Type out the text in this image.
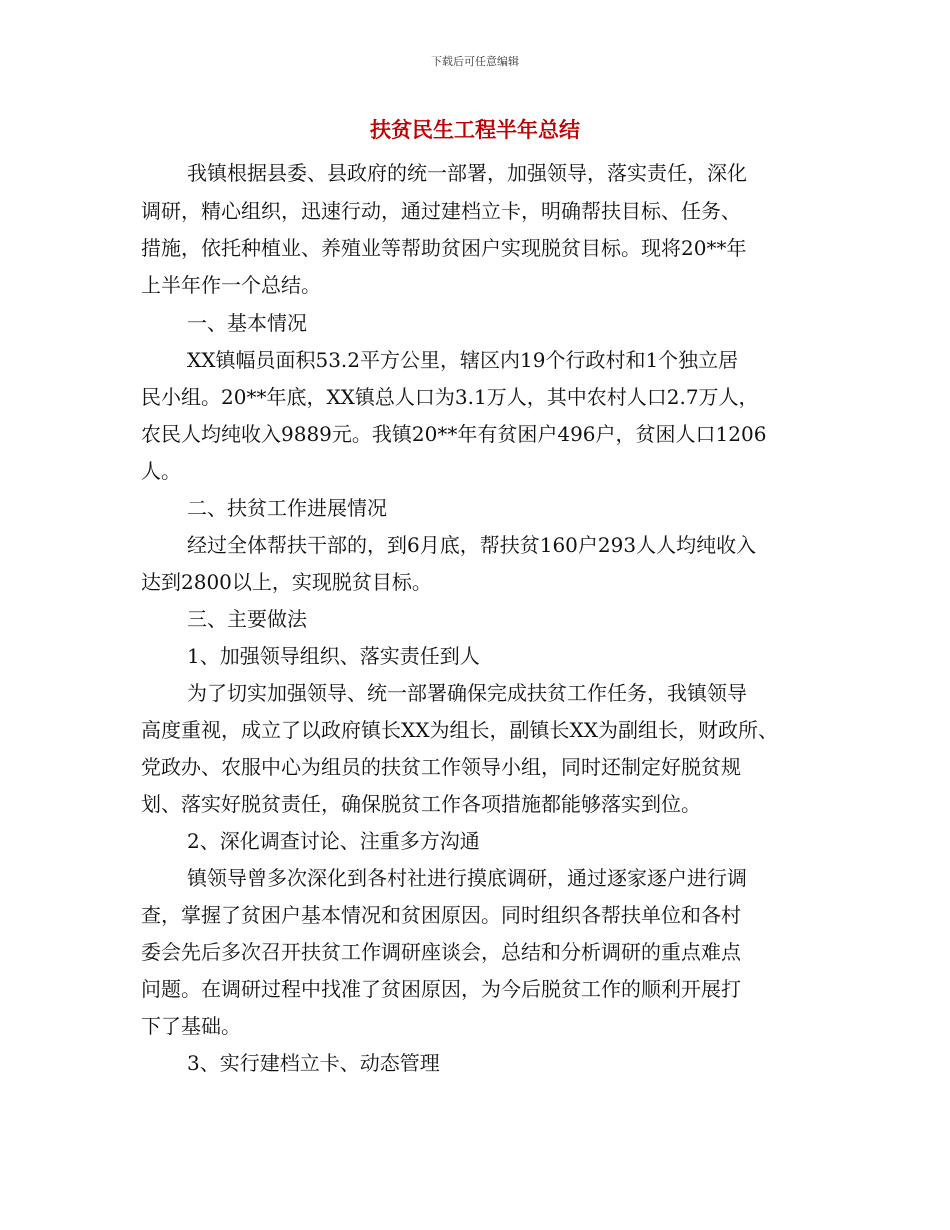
下载后可任意编辑
扶贫民生工程半年总结
我镇根据县委、县政府的统一部署，加强领导，落实责任，深化
调研，精心组织，迅速行动，通过建档立卡，明确帮扶目标、任务、
措施，依托种植业、养殖业等帮助贫困户实现脱贫目标。现将20**年
上半年作一个总结。
一、基本情况
XX镇幅员面积53.2平方公里，辖区内19个行政村和1个独立居
民小组。20**年底，XX镇总人口为3.1万人，其中农村人口2.7万人，
农民人均纯收入9889元。我镇20**年有贫困户496户，贫困人口1206
人。
二、扶贫工作进展情况
经过全体帮扶干部的，到6月底，帮扶贫160户293人人均纯收入
达到2800以上，实现脱贫目标。
三、主要做法
1、加强领导组织、落实责任到人
为了切实加强领导、统一部署确保完成扶贫工作任务，我镇领导
高度重视，成立了以政府镇长XX为组长，副镇长XX为副组长，财政所、
党政办、农服中心为组员的扶贫工作领导小组，同时还制定好脱贫规
划、落实好脱贫责任，确保脱贫工作各项措施都能够落实到位。
2、深化调查讨论、注重多方沟通
镇领导曾多次深化到各村社进行摸底调研，通过逐家逐户进行调
查，掌握了贫困户基本情况和贫困原因。同时组织各帮扶单位和各村
委会先后多次召开扶贫工作调研座谈会，总结和分析调研的重点难点
问题。在调研过程中找准了贫困原因，为今后脱贫工作的顺利开展打
下了基础。
3、实行建档立卡、动态管理
